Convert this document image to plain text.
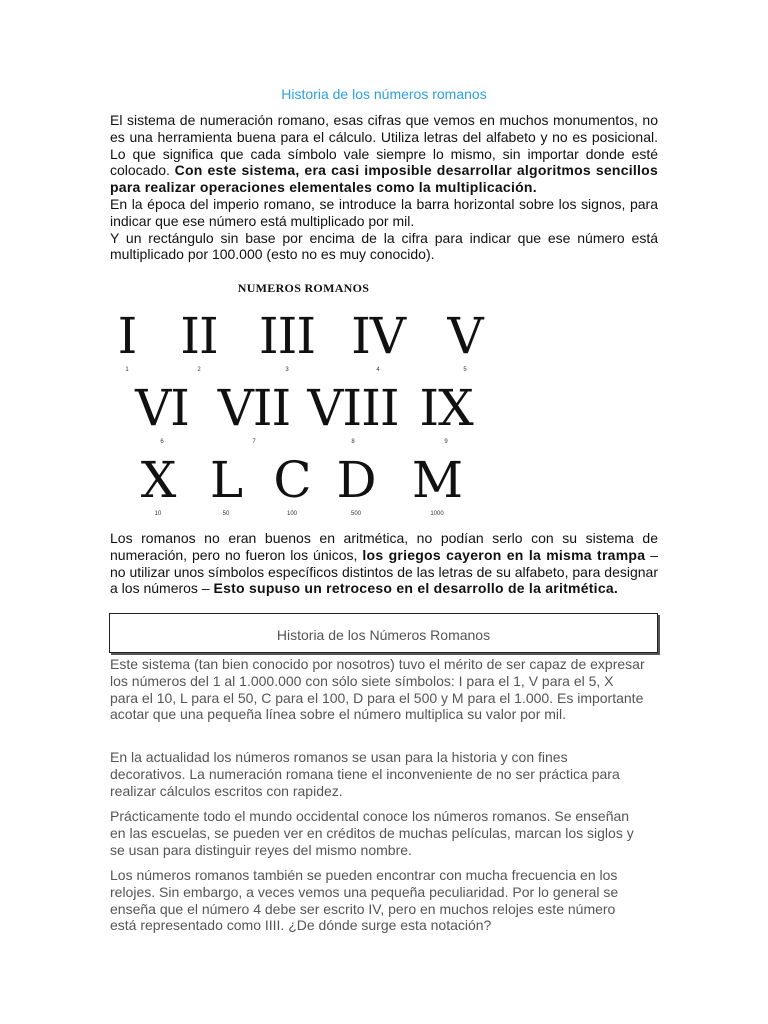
Historia de los números romanos

El sistema de numeración romano, esas cifras que vemos en muchos monumentos, no es una herramienta buena para el cálculo. Utiliza letras del alfabeto y no es posicional. Lo que significa que cada símbolo vale siempre lo mismo, sin importar donde esté colocado. Con este sistema, era casi imposible desarrollar algoritmos sencillos para realizar operaciones elementales como la multiplicación.

En la época del imperio romano, se introduce la barra horizontal sobre los signos, para indicar que ese número está multiplicado por mil.

Y un rectángulo sin base por encima de la cifra para indicar que ese número está multiplicado por 100.000 (esto no es muy conocido).

NUMEROS ROMANOS
I
1
II
2
III
3
IV
4
V
5
VI
6
VII
7
VIII
8
IX
9
X
10
L
50
C
100
D
500
M
1000

Los romanos no eran buenos en aritmética, no podían serlo con su sistema de numeración, pero no fueron los únicos, los griegos cayeron en la misma trampa – no utilizar unos símbolos específicos distintos de las letras de su alfabeto, para designar a los números – Esto supuso un retroceso en el desarrollo de la aritmética.

Historia de los Números Romanos

Este sistema (tan bien conocido por nosotros) tuvo el mérito de ser capaz de expresar los números del 1 al 1.000.000 con sólo siete símbolos: I para el 1, V para el 5, X para el 10, L para el 50, C para el 100, D para el 500 y M para el 1.000. Es importante acotar que una pequeña línea sobre el número multiplica su valor por mil.

En la actualidad los números romanos se usan para la historia y con fines decorativos. La numeración romana tiene el inconveniente de no ser práctica para realizar cálculos escritos con rapidez.

Prácticamente todo el mundo occidental conoce los números romanos. Se enseñan en las escuelas, se pueden ver en créditos de muchas películas, marcan los siglos y se usan para distinguir reyes del mismo nombre.

Los números romanos también se pueden encontrar con mucha frecuencia en los relojes. Sin embargo, a veces vemos una pequeña peculiaridad. Por lo general se enseña que el número 4 debe ser escrito IV, pero en muchos relojes este número está representado como IIII. ¿De dónde surge esta notación?
